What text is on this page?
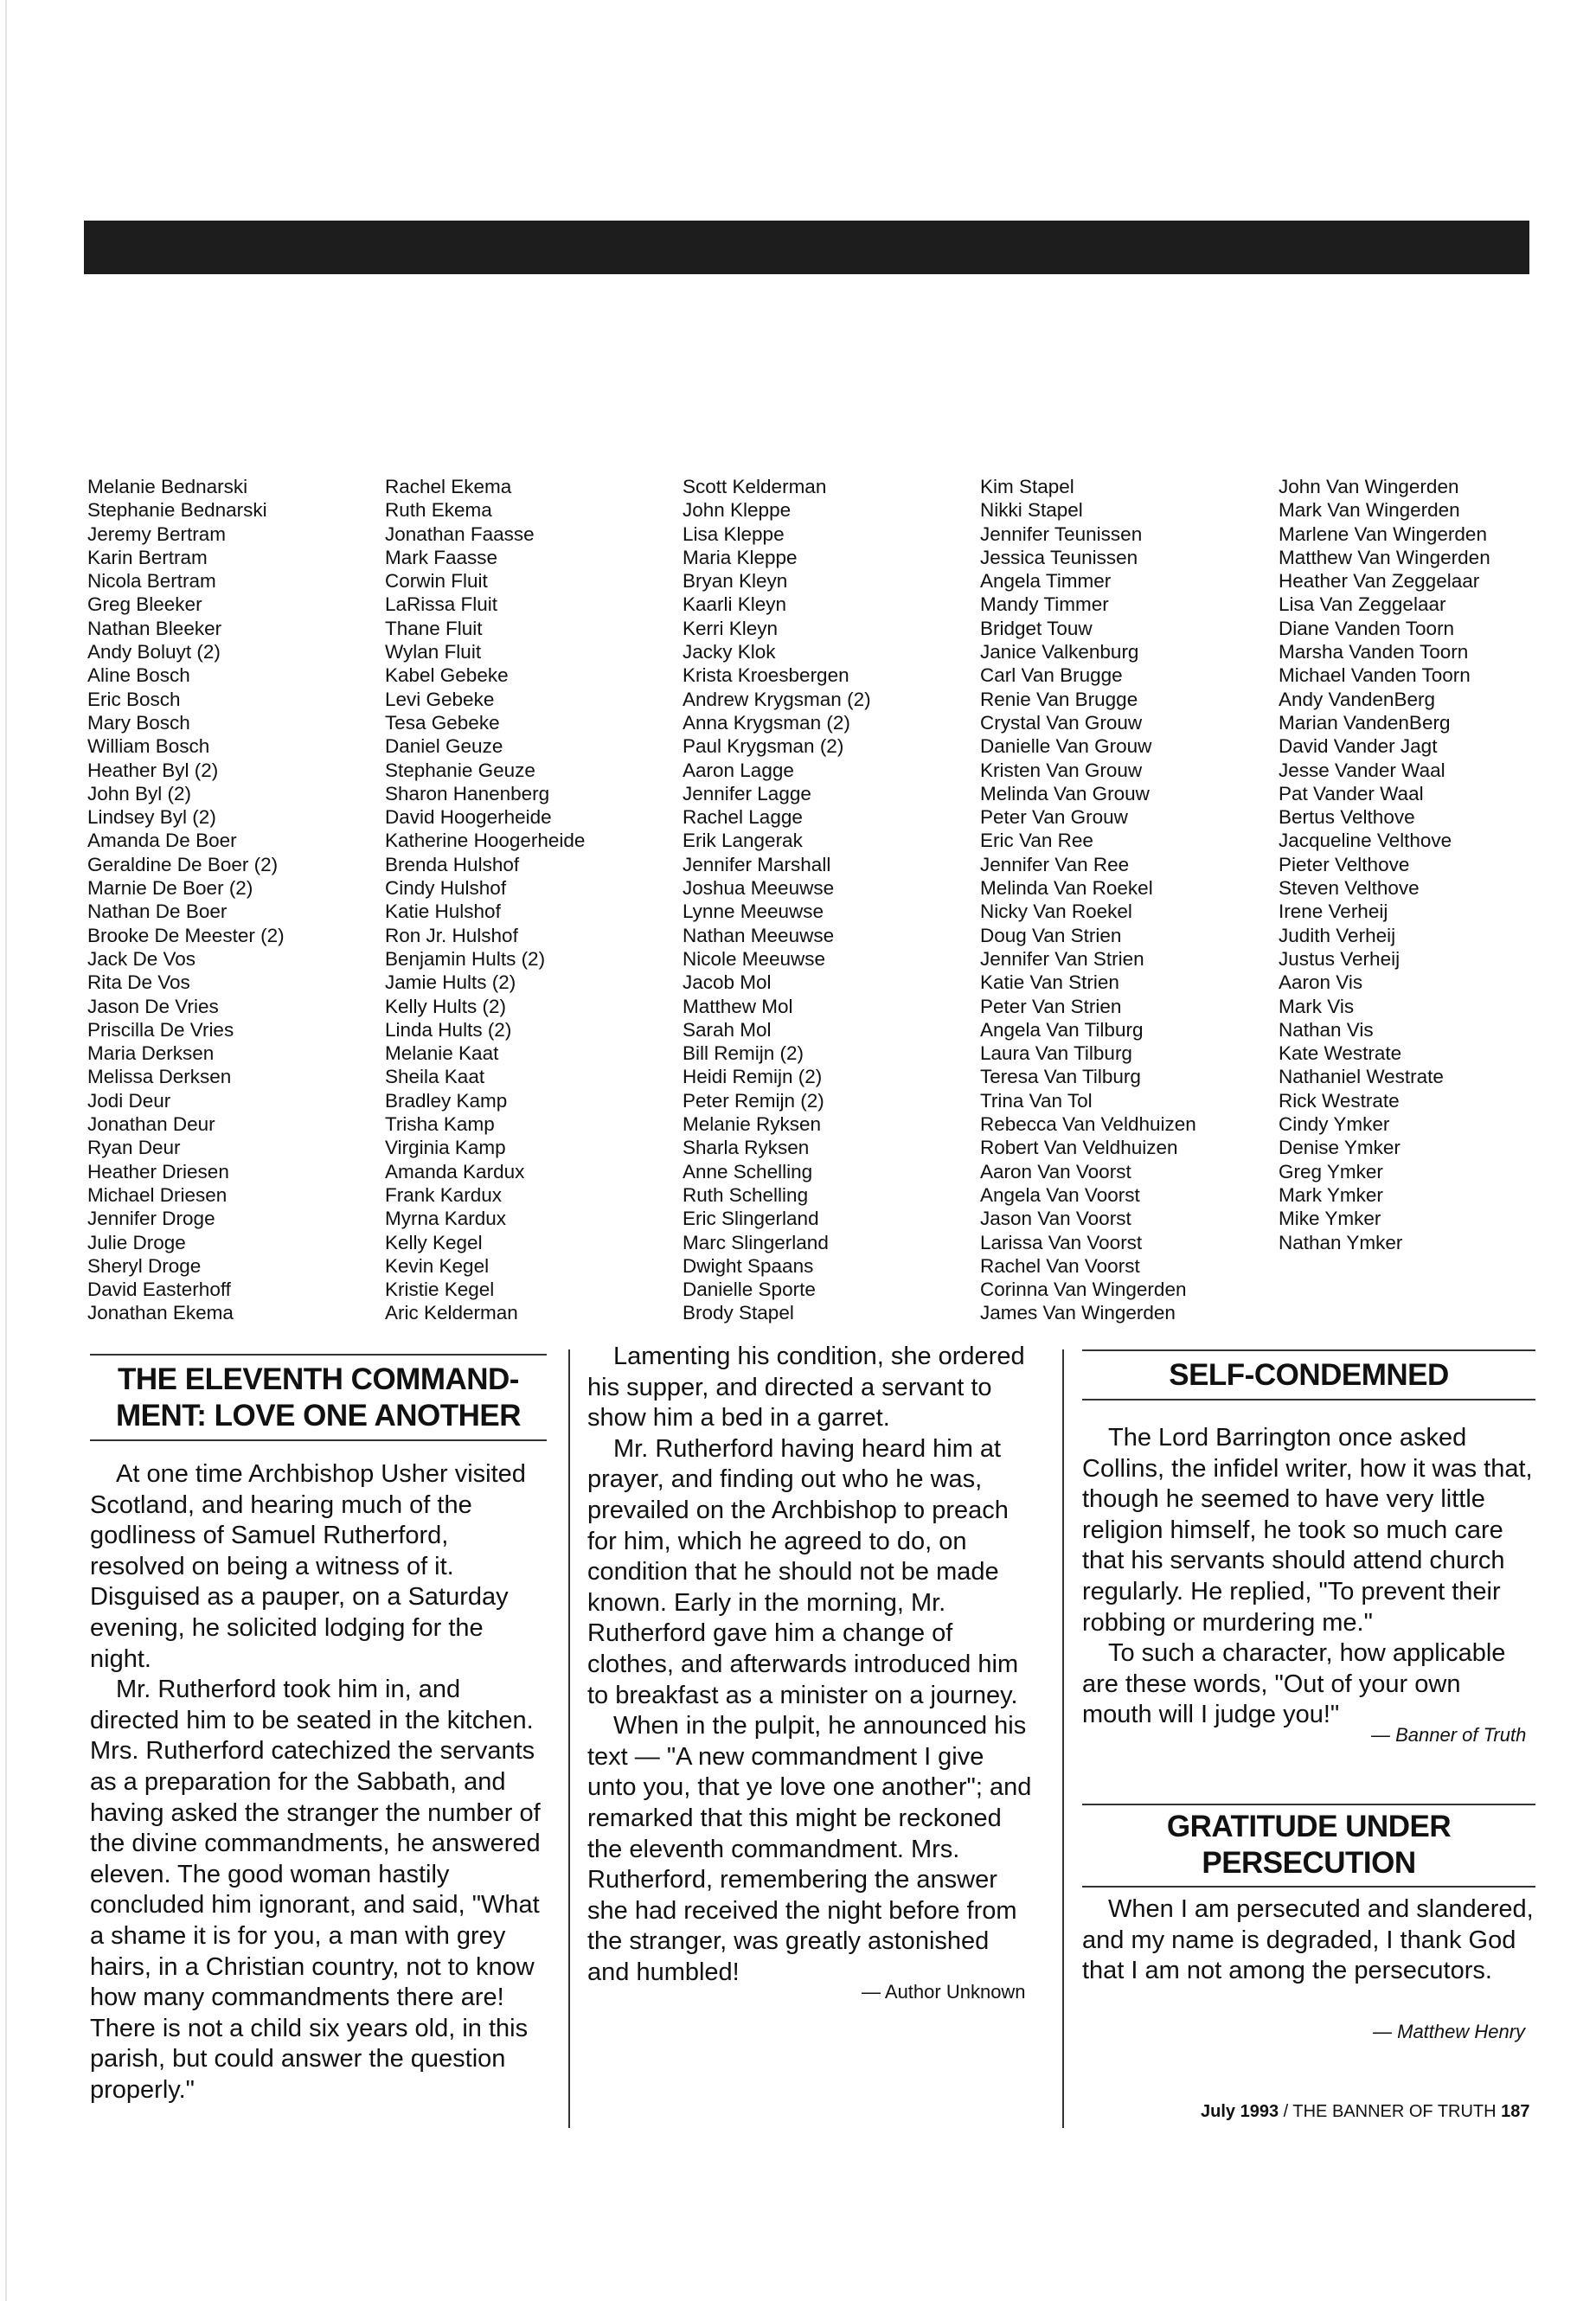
Melanie Bednarski
Stephanie Bednarski
Jeremy Bertram
Karin Bertram
Nicola Bertram
Greg Bleeker
Nathan Bleeker
Andy Boluyt (2)
Aline Bosch
Eric Bosch
Mary Bosch
William Bosch
Heather Byl (2)
John Byl (2)
Lindsey Byl (2)
Amanda De Boer
Geraldine De Boer (2)
Marnie De Boer (2)
Nathan De Boer
Brooke De Meester (2)
Jack De Vos
Rita De Vos
Jason De Vries
Priscilla De Vries
Maria Derksen
Melissa Derksen
Jodi Deur
Jonathan Deur
Ryan Deur
Heather Driesen
Michael Driesen
Jennifer Droge
Julie Droge
Sheryl Droge
David Easterhoff
Jonathan Ekema
Rachel Ekema
Ruth Ekema
Jonathan Faasse
Mark Faasse
Corwin Fluit
LaRissa Fluit
Thane Fluit
Wylan Fluit
Kabel Gebeke
Levi Gebeke
Tesa Gebeke
Daniel Geuze
Stephanie Geuze
Sharon Hanenberg
David Hoogerheide
Katherine Hoogerheide
Brenda Hulshof
Cindy Hulshof
Katie Hulshof
Ron Jr. Hulshof
Benjamin Hults (2)
Jamie Hults (2)
Kelly Hults (2)
Linda Hults (2)
Melanie Kaat
Sheila Kaat
Bradley Kamp
Trisha Kamp
Virginia Kamp
Amanda Kardux
Frank Kardux
Myrna Kardux
Kelly Kegel
Kevin Kegel
Kristie Kegel
Aric Kelderman
Scott Kelderman
John Kleppe
Lisa Kleppe
Maria Kleppe
Bryan Kleyn
Kaarli Kleyn
Kerri Kleyn
Jacky Klok
Krista Kroesbergen
Andrew Krygsman (2)
Anna Krygsman (2)
Paul Krygsman (2)
Aaron Lagge
Jennifer Lagge
Rachel Lagge
Erik Langerak
Jennifer Marshall
Joshua Meeuwse
Lynne Meeuwse
Nathan Meeuwse
Nicole Meeuwse
Jacob Mol
Matthew Mol
Sarah Mol
Bill Remijn (2)
Heidi Remijn (2)
Peter Remijn (2)
Melanie Ryksen
Sharla Ryksen
Anne Schelling
Ruth Schelling
Eric Slingerland
Marc Slingerland
Dwight Spaans
Danielle Sporte
Brody Stapel
Kim Stapel
Nikki Stapel
Jennifer Teunissen
Jessica Teunissen
Angela Timmer
Mandy Timmer
Bridget Touw
Janice Valkenburg
Carl Van Brugge
Renie Van Brugge
Crystal Van Grouw
Danielle Van Grouw
Kristen Van Grouw
Melinda Van Grouw
Peter Van Grouw
Eric Van Ree
Jennifer Van Ree
Melinda Van Roekel
Nicky Van Roekel
Doug Van Strien
Jennifer Van Strien
Katie Van Strien
Peter Van Strien
Angela Van Tilburg
Laura Van Tilburg
Teresa Van Tilburg
Trina Van Tol
Rebecca Van Veldhuizen
Robert Van Veldhuizen
Aaron Van Voorst
Angela Van Voorst
Jason Van Voorst
Larissa Van Voorst
Rachel Van Voorst
Corinna Van Wingerden
James Van Wingerden
John Van Wingerden
Mark Van Wingerden
Marlene Van Wingerden
Matthew Van Wingerden
Heather Van Zeggelaar
Lisa Van Zeggelaar
Diane Vanden Toorn
Marsha Vanden Toorn
Michael Vanden Toorn
Andy VandenBerg
Marian VandenBerg
David Vander Jagt
Jesse Vander Waal
Pat Vander Waal
Bertus Velthove
Jacqueline Velthove
Pieter Velthove
Steven Velthove
Irene Verheij
Judith Verheij
Justus Verheij
Aaron Vis
Mark Vis
Nathan Vis
Kate Westrate
Nathaniel Westrate
Rick Westrate
Cindy Ymker
Denise Ymker
Greg Ymker
Mark Ymker
Mike Ymker
Nathan Ymker
THE ELEVENTH COMMAND-MENT: LOVE ONE ANOTHER

At one time Archbishop Usher visited Scotland, and hearing much of the godliness of Samuel Rutherford, resolved on being a witness of it. Disguised as a pauper, on a Saturday evening, he solicited lodging for the night.

Mr. Rutherford took him in, and directed him to be seated in the kitchen. Mrs. Rutherford catechized the servants as a preparation for the Sabbath, and having asked the stranger the number of the divine commandments, he answered eleven. The good woman hastily concluded him ignorant, and said, "What a shame it is for you, a man with grey hairs, in a Christian country, not to know how many commandments there are! There is not a child six years old, in this parish, but could answer the question properly."

Lamenting his condition, she ordered his supper, and directed a servant to show him a bed in a garret.

Mr. Rutherford having heard him at prayer, and finding out who he was, prevailed on the Archbishop to preach for him, which he agreed to do, on condition that he should not be made known. Early in the morning, Mr. Rutherford gave him a change of clothes, and afterwards introduced him to breakfast as a minister on a journey.

When in the pulpit, he announced his text — "A new commandment I give unto you, that ye love one another"; and remarked that this might be reckoned the eleventh commandment. Mrs. Rutherford, remembering the answer she had received the night before from the stranger, was greatly astonished and humbled!

— Author Unknown
SELF-CONDEMNED

The Lord Barrington once asked Collins, the infidel writer, how it was that, though he seemed to have very little religion himself, he took so much care that his servants should attend church regularly. He replied, "To prevent their robbing or murdering me."

To such a character, how applicable are these words, "Out of your own mouth will I judge you!"

— Banner of Truth
GRATITUDE UNDER PERSECUTION

When I am persecuted and slandered, and my name is degraded, I thank God that I am not among the persecutors.

— Matthew Henry
July 1993 / THE BANNER OF TRUTH 187
